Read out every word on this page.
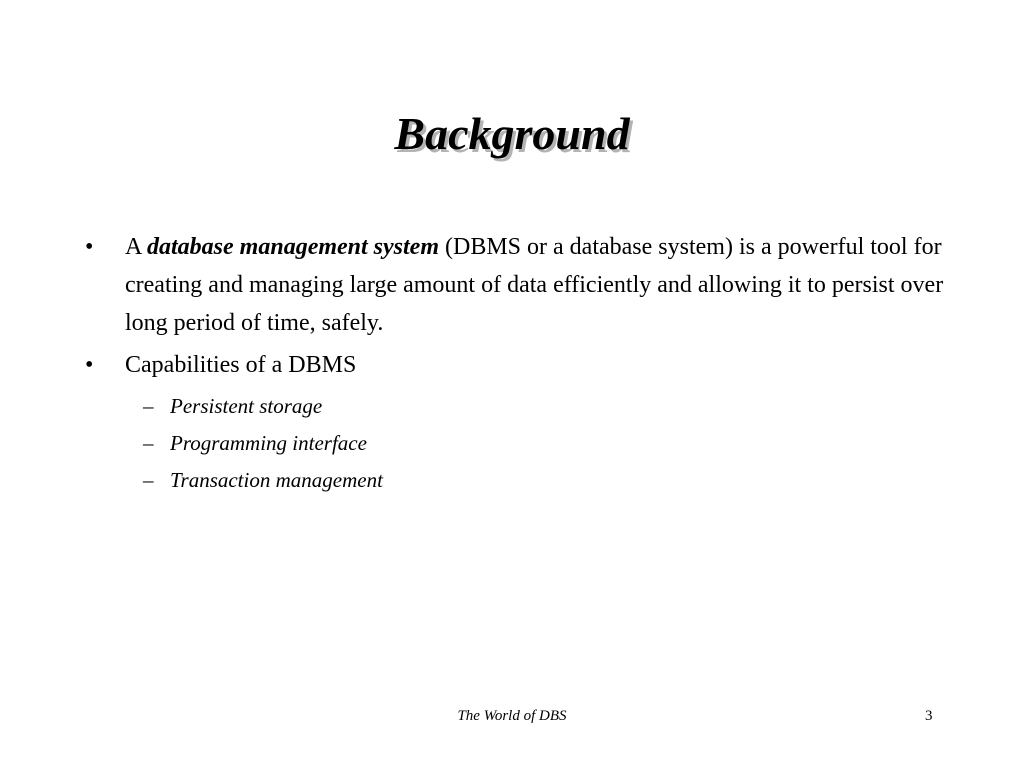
Background
•	A database management system (DBMS or a database system) is a powerful tool for creating and managing large amount of data efficiently and allowing it to persist over long period of time, safely.
•	Capabilities of a DBMS
– Persistent storage
– Programming interface
– Transaction management
The World of DBS	3
